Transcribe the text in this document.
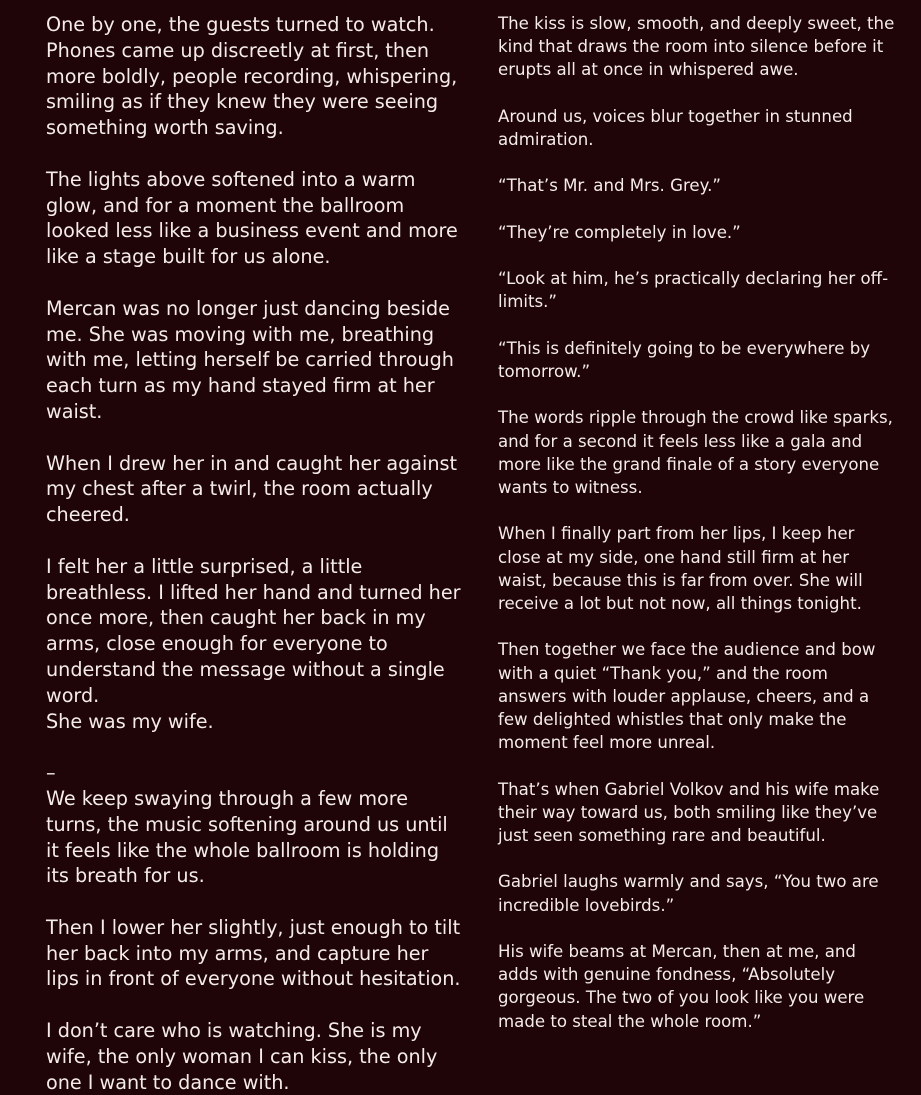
One by one, the guests turned to watch. Phones came up discreetly at first, then more boldly, people recording, whispering, smiling as if they knew they were seeing something worth saving.

The lights above softened into a warm glow, and for a moment the ballroom looked less like a business event and more like a stage built for us alone.

Mercan was no longer just dancing beside me. She was moving with me, breathing with me, letting herself be carried through each turn as my hand stayed firm at her waist.

When I drew her in and caught her against my chest after a twirl, the room actually cheered.

I felt her a little surprised, a little breathless. I lifted her hand and turned her once more, then caught her back in my arms, close enough for everyone to understand the message without a single word.
She was my wife.

–
We keep swaying through a few more turns, the music softening around us until it feels like the whole ballroom is holding its breath for us.

Then I lower her slightly, just enough to tilt her back into my arms, and capture her lips in front of everyone without hesitation.

I don’t care who is watching. She is my wife, the only woman I can kiss, the only one I want to dance with.

The kiss is slow, smooth, and deeply sweet, the kind that draws the room into silence before it erupts all at once in whispered awe.

Around us, voices blur together in stunned admiration.

“That’s Mr. and Mrs. Grey.”

“They’re completely in love.”

“Look at him, he’s practically declaring her off-limits.”

“This is definitely going to be everywhere by tomorrow.”

The words ripple through the crowd like sparks, and for a second it feels less like a gala and more like the grand finale of a story everyone wants to witness.

When I finally part from her lips, I keep her close at my side, one hand still firm at her waist, because this is far from over. She will receive a lot but not now, all things tonight.

Then together we face the audience and bow with a quiet “Thank you,” and the room answers with louder applause, cheers, and a few delighted whistles that only make the moment feel more unreal.

That’s when Gabriel Volkov and his wife make their way toward us, both smiling like they’ve just seen something rare and beautiful.

Gabriel laughs warmly and says, “You two are incredible lovebirds.”

His wife beams at Mercan, then at me, and adds with genuine fondness, “Absolutely gorgeous. The two of you look like you were made to steal the whole room.”
